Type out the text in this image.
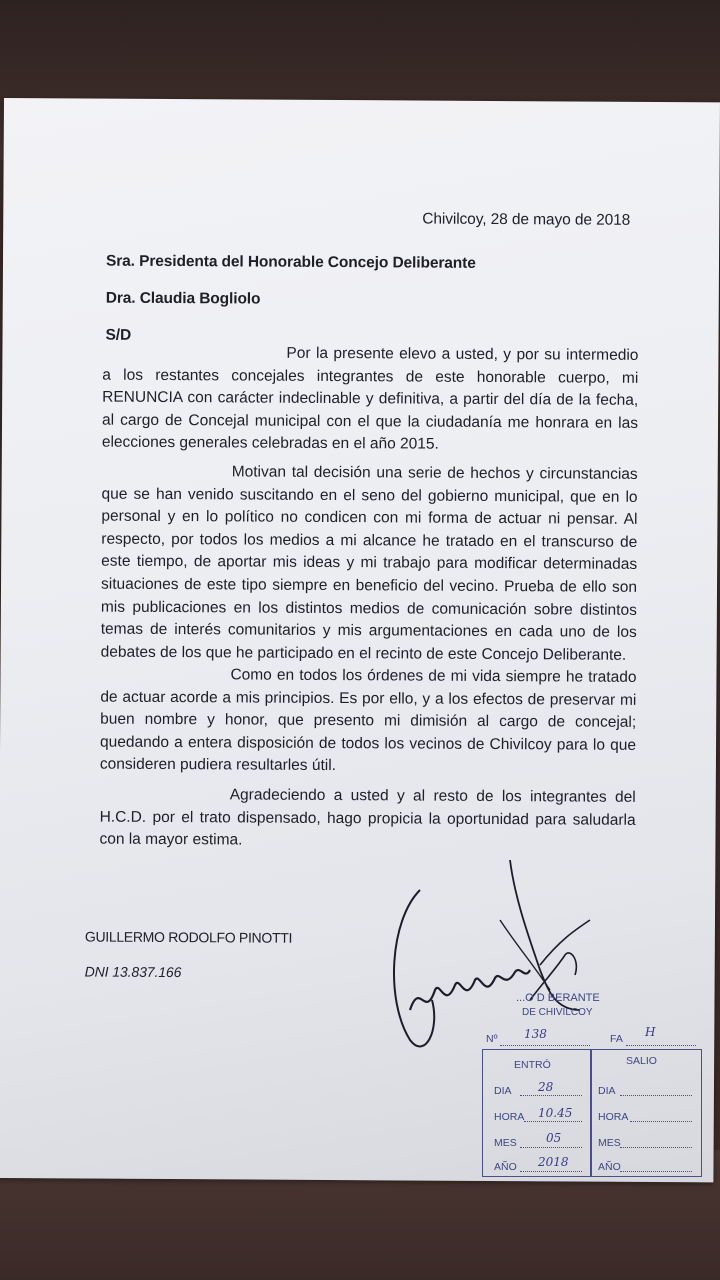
Chivilcoy, 28 de mayo de 2018
Sra. Presidenta del Honorable Concejo Deliberante
Dra. Claudia Bogliolo
S/D
Por la presente elevo a usted, y por su intermedio a los restantes concejales integrantes de este honorable cuerpo, mi RENUNCIA con carácter indeclinable y definitiva, a partir del día de la fecha, al cargo de Concejal municipal con el que la ciudadanía me honrara en las elecciones generales celebradas en el año 2015.
Motivan tal decisión una serie de hechos y circunstancias que se han venido suscitando en el seno del gobierno municipal, que en lo personal y en lo político no condicen con mi forma de actuar ni pensar. Al respecto, por todos los medios a mi alcance he tratado en el transcurso de este tiempo, de aportar mis ideas y mi trabajo para modificar determinadas situaciones de este tipo siempre en beneficio del vecino. Prueba de ello son mis publicaciones en los distintos medios de comunicación sobre distintos temas de interés comunitarios y mis argumentaciones en cada uno de los debates de los que he participado en el recinto de este Concejo Deliberante.
Como en todos los órdenes de mi vida siempre he tratado de actuar acorde a mis principios. Es por ello, y a los efectos de preservar mi buen nombre y honor, que presento mi dimisión al cargo de concejal; quedando a entera disposición de todos los vecinos de Chivilcoy para lo que consideren pudiera resultarles útil.
Agradeciendo a usted y al resto de los integrantes del H.C.D. por el trato dispensado, hago propicia la oportunidad para saludarla con la mayor estima.
GUILLERMO RODOLFO PINOTTI
DNI 13.837.166
...O D BERANTE
DE CHIVILCOY
Nº 138	FA H
ENTRÓ	SALIO
DIA 28	DIA
HORA 10.45 HORA
MES 05	MES
AÑO 2018	AÑO
